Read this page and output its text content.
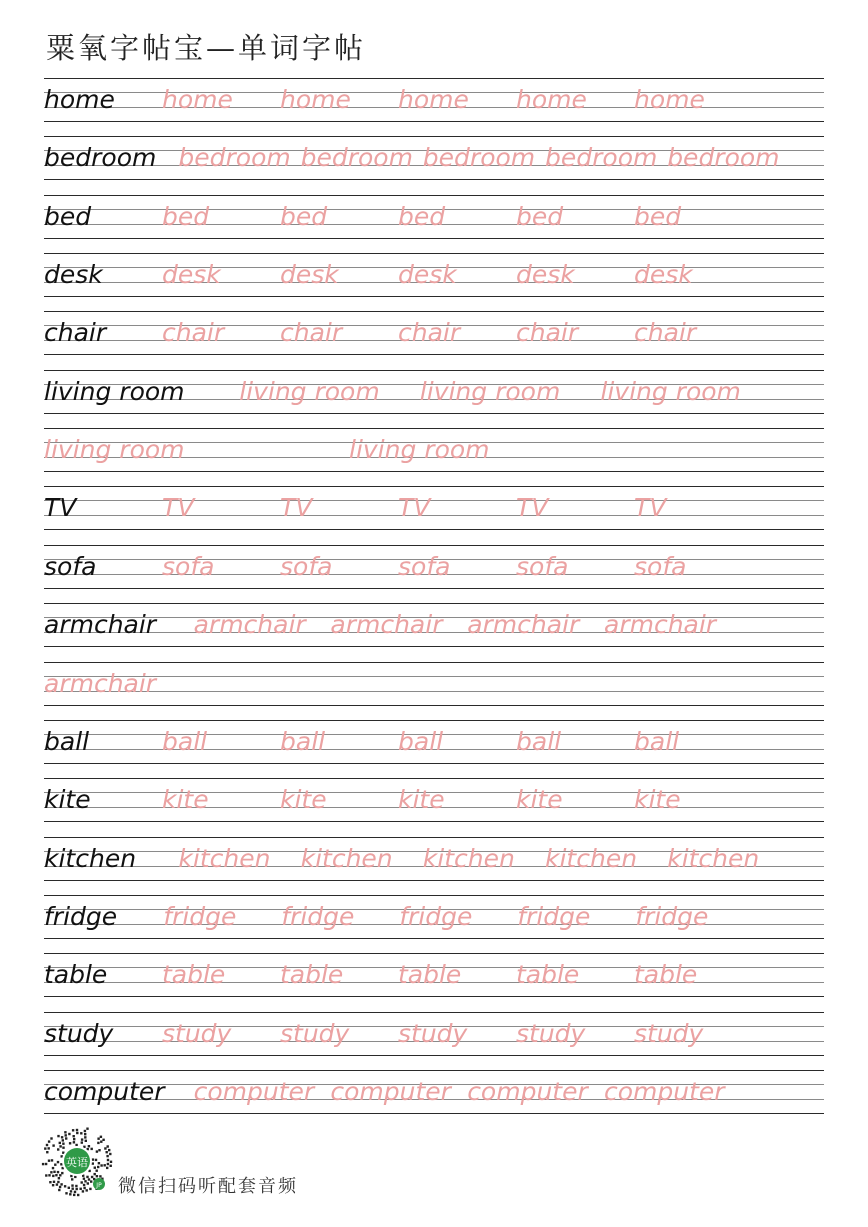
粟氧字帖宝—单词字帖
home home home home home home
bedroom bedroom bedroom bedroom bedroom bedroom
bed	bed	bed	bed	bed	bed
desk desk desk desk desk desk
chair chair chair chair chair chair
living room living room living room living room
living room	living room
TV	TV	TV	TV	TV	TV
sofa	sofa	sofa	sofa	sofa	sofa
armchair armchair armchair armchair armchair
armchair
ball	ball	ball	ball	ball	ball
kite	kite	kite	kite	kite	kite
kitchen kitchen kitchen kitchen kitchen kitchen
fridge fridge fridge fridge fridge fridge
table table table table table table
study study study study study study
computer computer computer computer computer
英语
JP 微信扫码听配套音频
